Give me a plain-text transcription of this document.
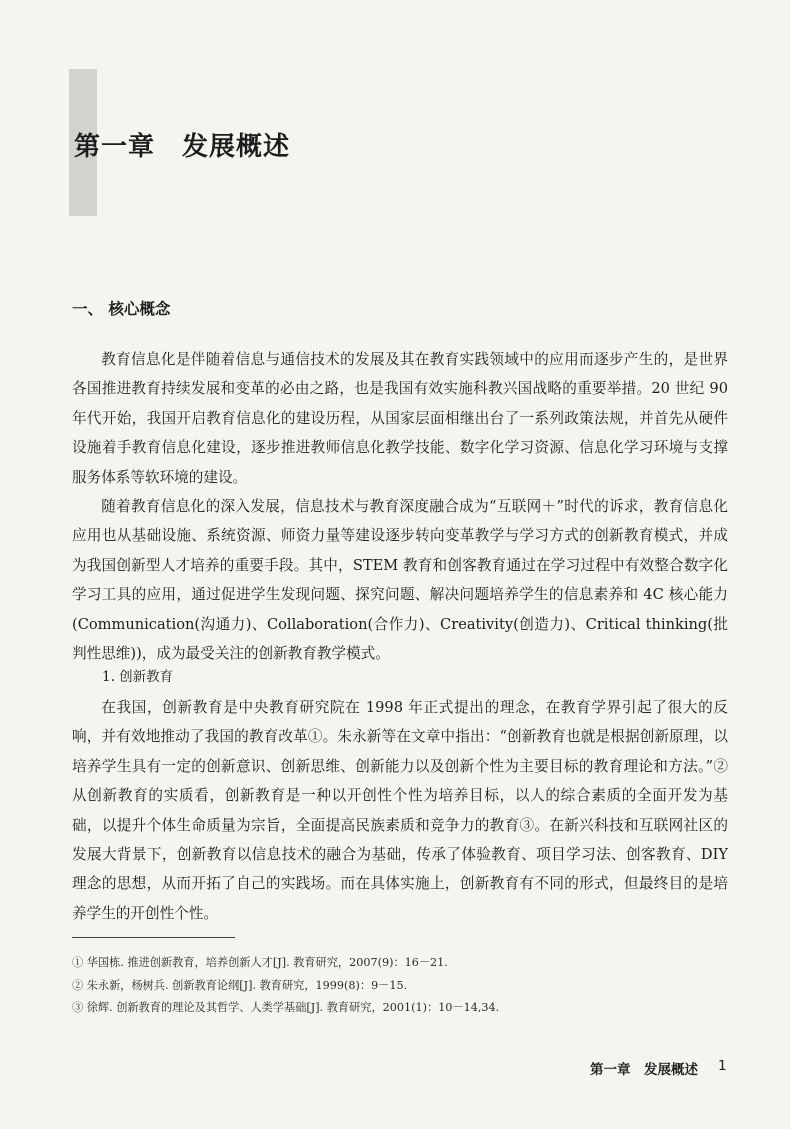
第一章　发展概述
一、 核心概念

教育信息化是伴随着信息与通信技术的发展及其在教育实践领域中的应用而逐步产生的，是世界各国推进教育持续发展和变革的必由之路，也是我国有效实施科教兴国战略的重要举措。20 世纪 90 年代开始，我国开启教育信息化的建设历程，从国家层面相继出台了一系列政策法规，并首先从硬件设施着手教育信息化建设，逐步推进教师信息化教学技能、数字化学习资源、信息化学习环境与支撑服务体系等软环境的建设。

随着教育信息化的深入发展，信息技术与教育深度融合成为“互联网＋”时代的诉求，教育信息化应用也从基础设施、系统资源、师资力量等建设逐步转向变革教学与学习方式的创新教育模式，并成为我国创新型人才培养的重要手段。其中，STEM 教育和创客教育通过在学习过程中有效整合数字化学习工具的应用，通过促进学生发现问题、探究问题、解决问题培养学生的信息素养和 4C 核心能力(Communication(沟通力)、Collaboration(合作力)、Creativity(创造力)、Critical thinking(批判性思维))，成为最受关注的创新教育教学模式。

1. 创新教育

在我国，创新教育是中央教育研究院在 1998 年正式提出的理念，在教育学界引起了很大的反响，并有效地推动了我国的教育改革①。朱永新等在文章中指出：“创新教育也就是根据创新原理，以培养学生具有一定的创新意识、创新思维、创新能力以及创新个性为主要目标的教育理论和方法。”②从创新教育的实质看，创新教育是一种以开创性个性为培养目标，以人的综合素质的全面开发为基础，以提升个体生命质量为宗旨，全面提高民族素质和竞争力的教育③。在新兴科技和互联网社区的发展大背景下，创新教育以信息技术的融合为基础，传承了体验教育、项目学习法、创客教育、DIY 理念的思想，从而开拓了自己的实践场。而在具体实施上，创新教育有不同的形式，但最终目的是培养学生的开创性个性。

① 华国栋. 推进创新教育，培养创新人才[J]. 教育研究，2007(9)：16－21.
② 朱永新，杨树兵. 创新教育论纲[J]. 教育研究，1999(8)：9－15.
③ 徐辉. 创新教育的理论及其哲学、人类学基础[J]. 教育研究，2001(1)：10－14,34.

第一章　发展概述 1
